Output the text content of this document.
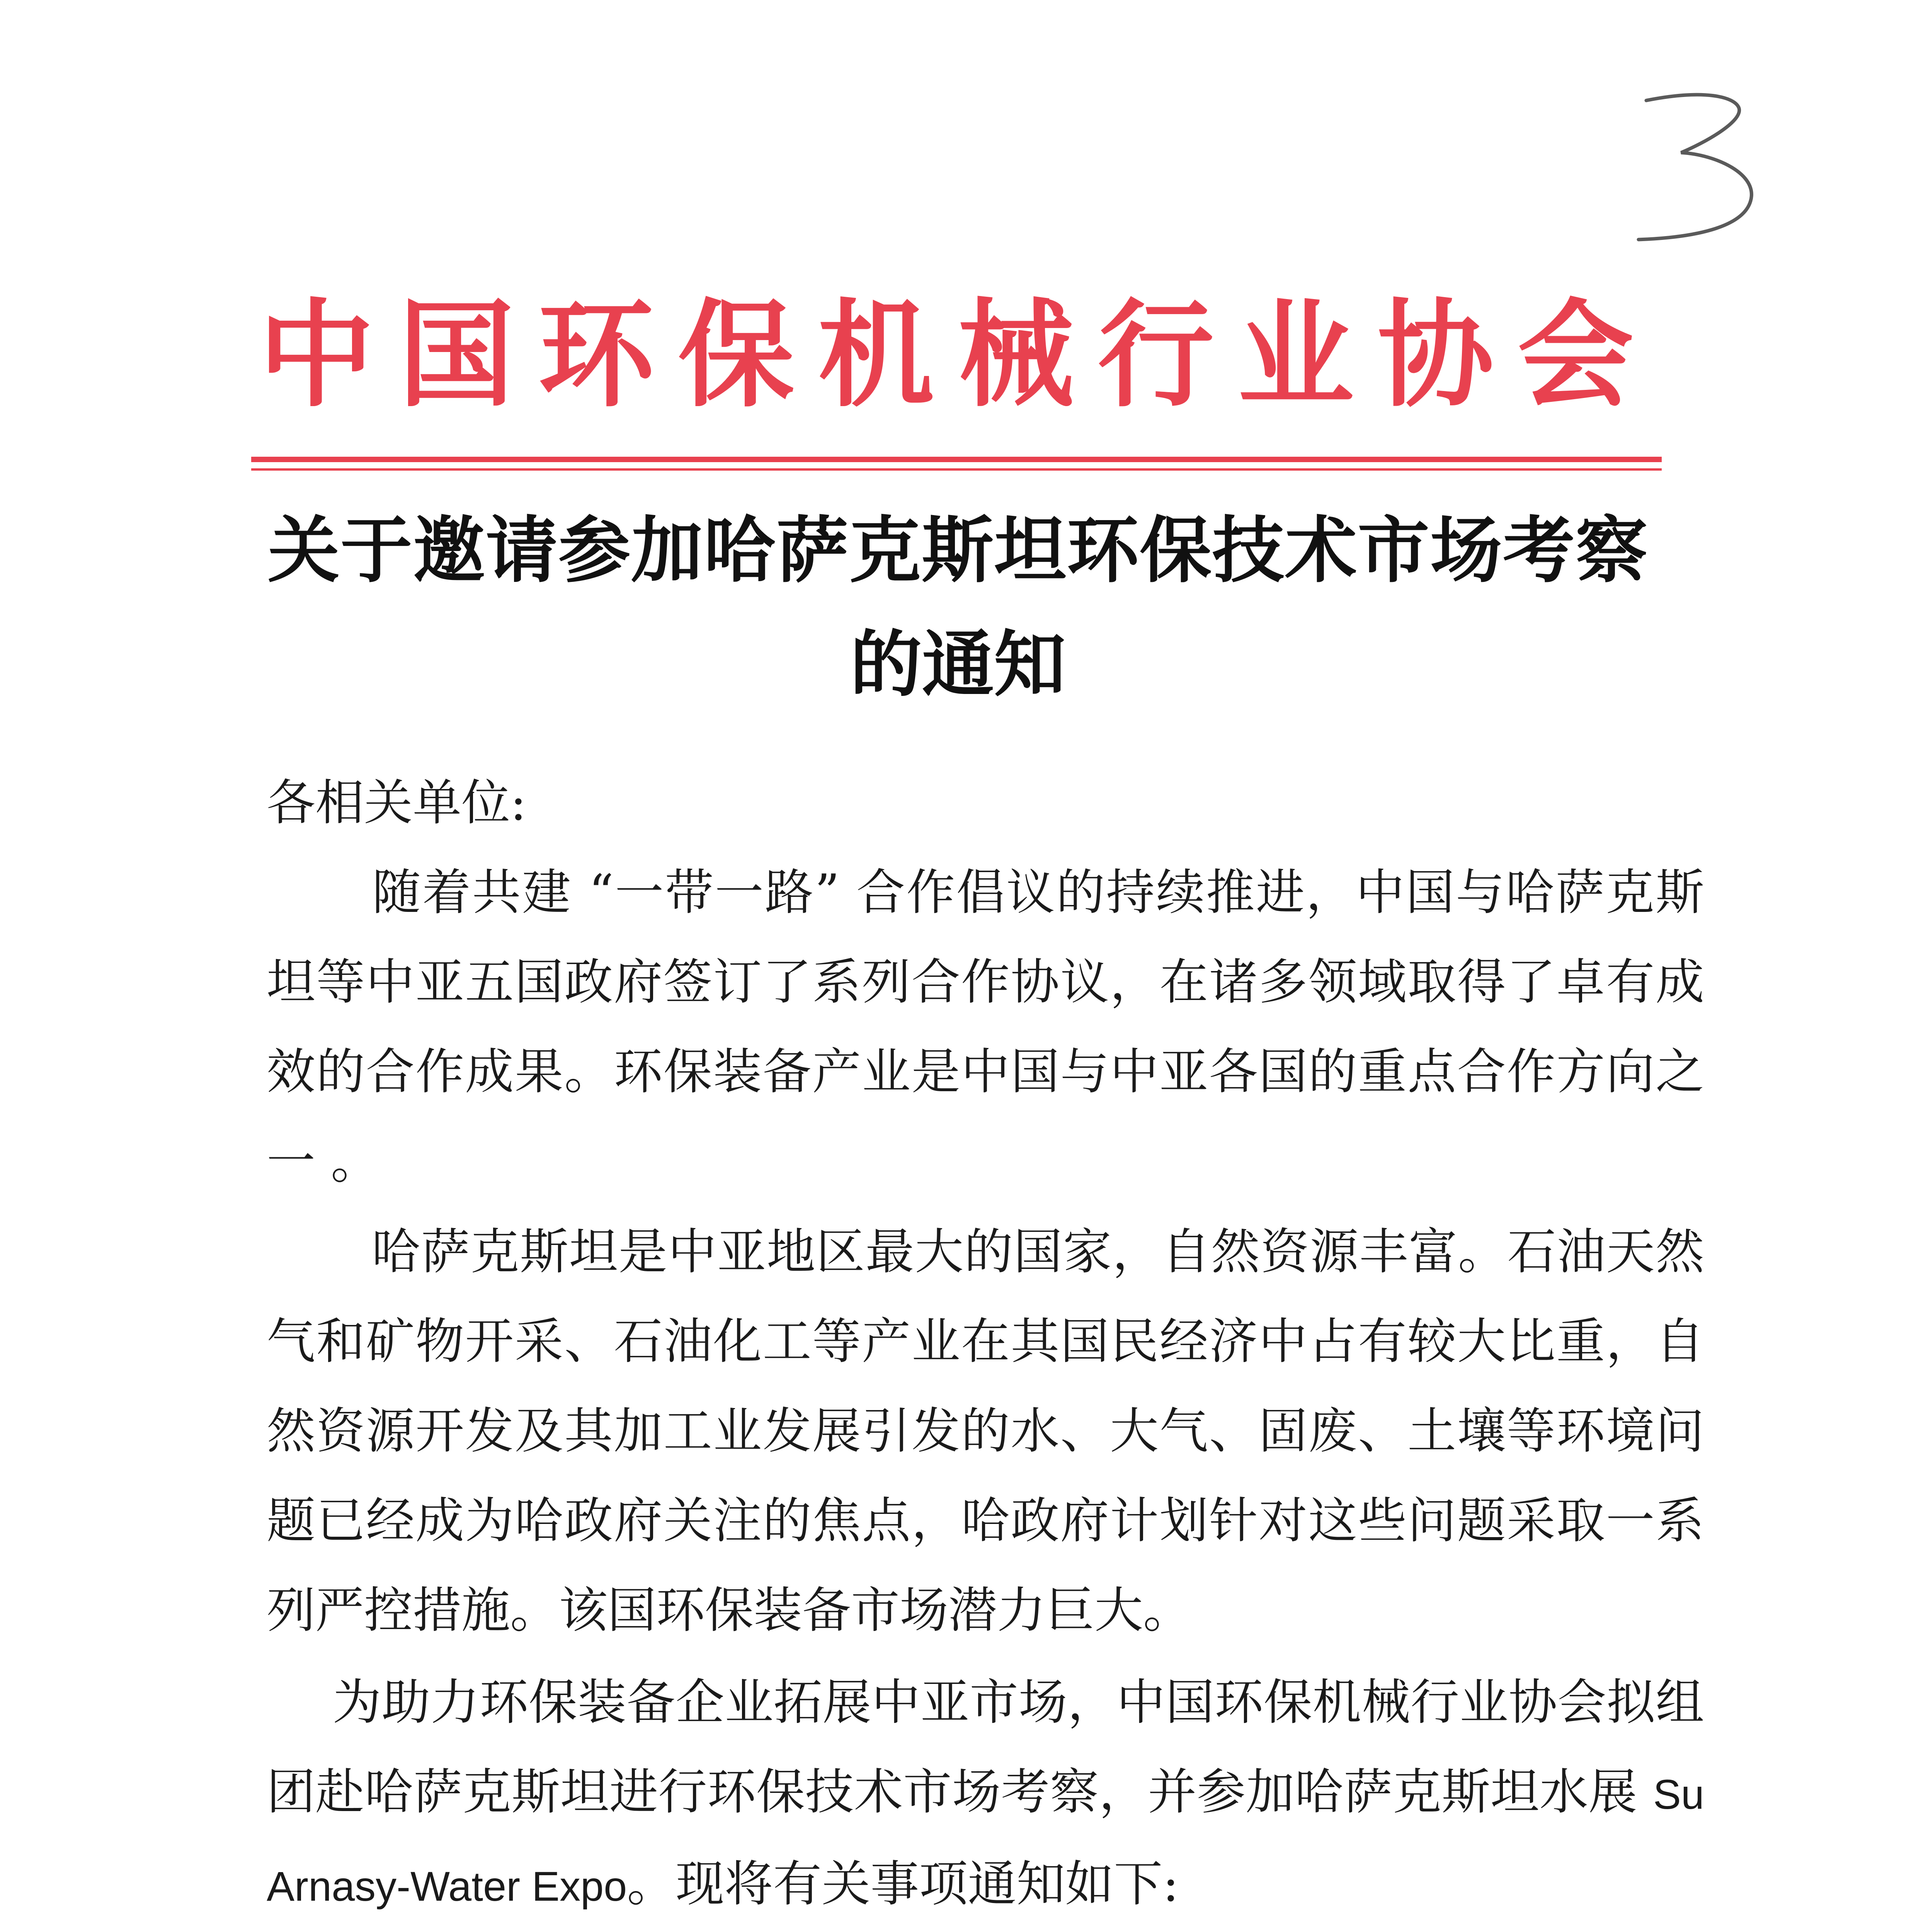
中国环保机械行业协会
关于邀请参加哈萨克斯坦环保技术市场考察
的通知
各相关单位:
随着共建 “一带一路” 合作倡议的持续推进，中国与哈萨克斯坦等中亚五国政府签订了系列合作协议，在诸多领域取得了卓有成效的合作成果。环保装备产业是中国与中亚各国的重点合作方向之一 。
哈萨克斯坦是中亚地区最大的国家，自然资源丰富。石油天然气和矿物开采、石油化工等产业在其国民经济中占有较大比重，自然资源开发及其加工业发展引发的水、大气、固废、土壤等环境问题已经成为哈政府关注的焦点，哈政府计划针对这些问题采取一系列严控措施。该国环保装备市场潜力巨大。
为助力环保装备企业拓展中亚市场，中国环保机械行业协会拟组团赴哈萨克斯坦进行环保技术市场考察，并参加哈萨克斯坦水展 Su Arnasy-Water Expo。现将有关事项通知如下:
